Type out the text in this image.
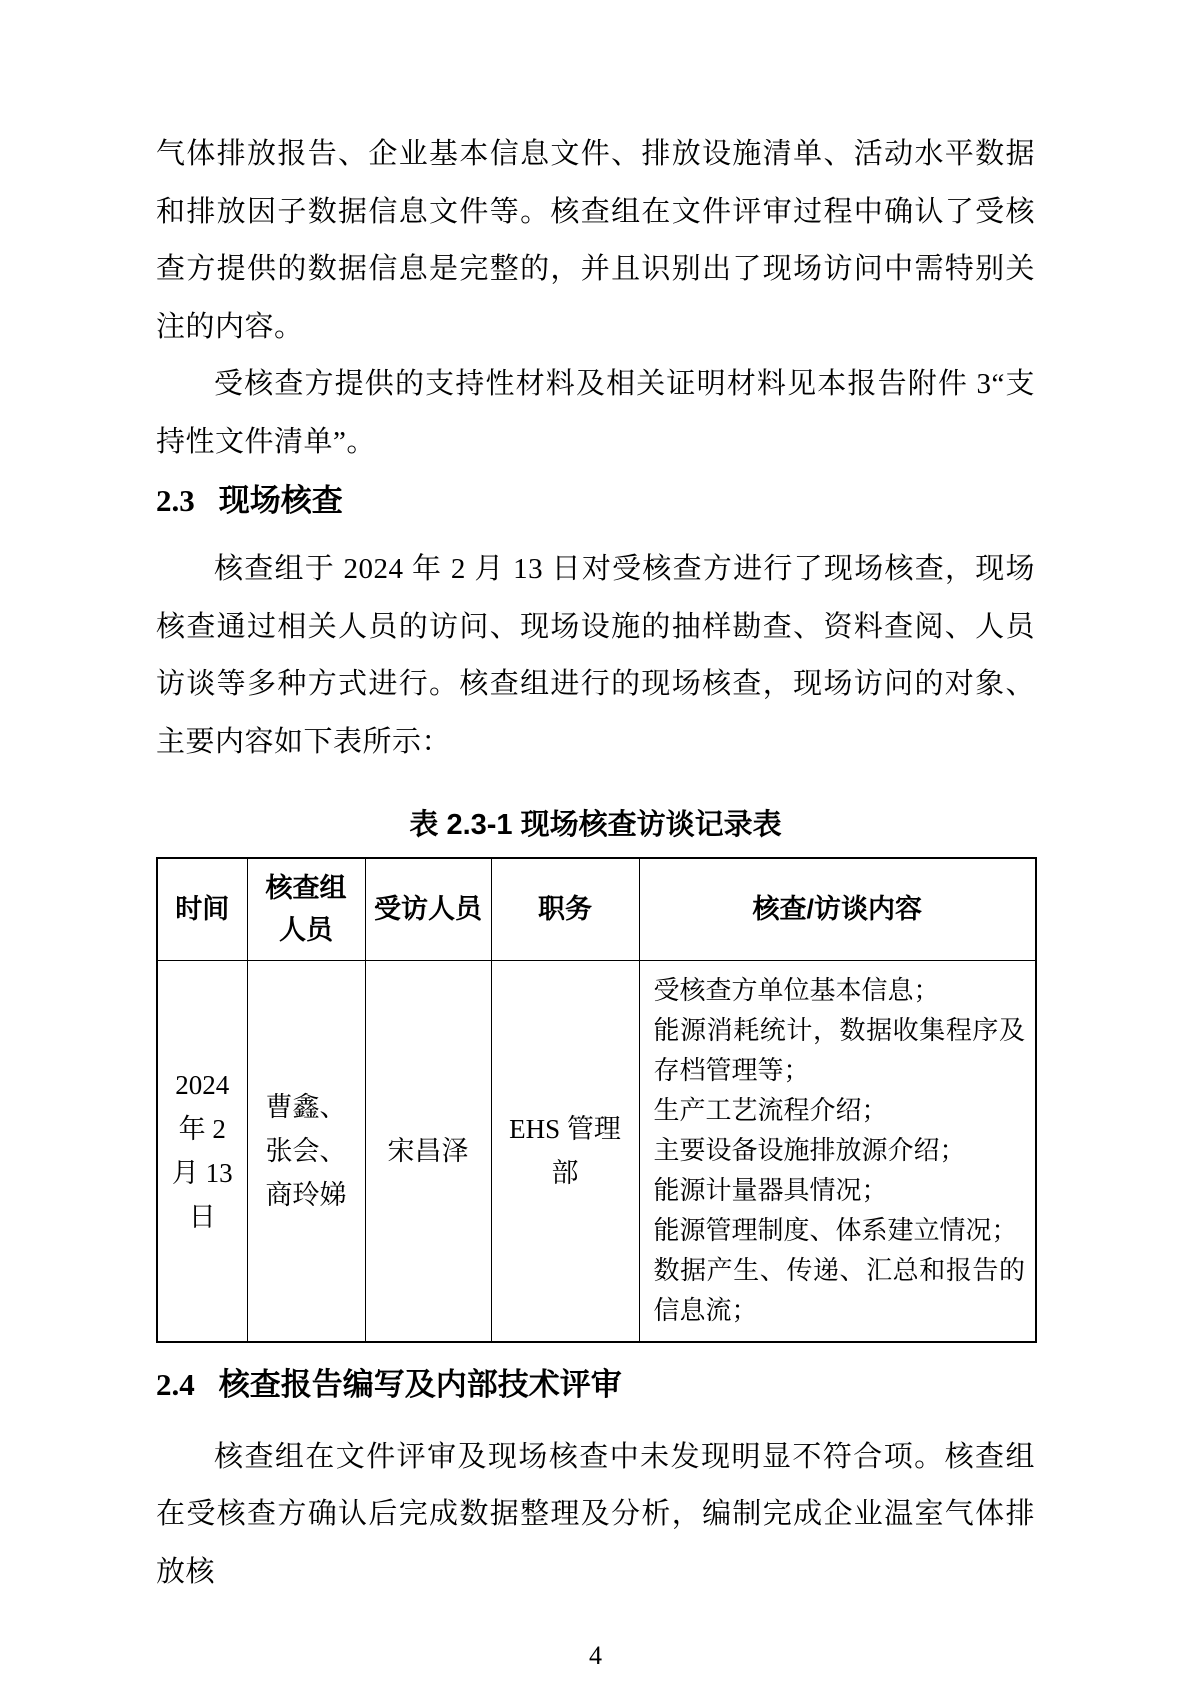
气体排放报告、企业基本信息文件、排放设施清单、活动水平数据和排放因子数据信息文件等。核查组在文件评审过程中确认了受核查方提供的数据信息是完整的，并且识别出了现场访问中需特别关注的内容。

受核查方提供的支持性材料及相关证明材料见本报告附件 3“支持性文件清单”。

2.3 现场核查

核查组于 2024 年 2 月 13 日对受核查方进行了现场核查，现场核查通过相关人员的访问、现场设施的抽样勘查、资料查阅、人员访谈等多种方式进行。核查组进行的现场核查，现场访问的对象、主要内容如下表所示：

表 2.3-1 现场核查访谈记录表
时间	核查组人员	受访人员	职务	核查/访谈内容
2024 年 2 月 13 日	曹鑫、张会、商玲娣	宋昌泽	EHS 管理部	
受核查方单位基本信息；
能源消耗统计，数据收集程序及存档管理等；
生产工艺流程介绍；
主要设备设施排放源介绍；
能源计量器具情况；
能源管理制度、体系建立情况；
数据产生、传递、汇总和报告的信息流；
2.4 核查报告编写及内部技术评审

核查组在文件评审及现场核查中未发现明显不符合项。核查组在受核查方确认后完成数据整理及分析，编制完成企业温室气体排放核

4
